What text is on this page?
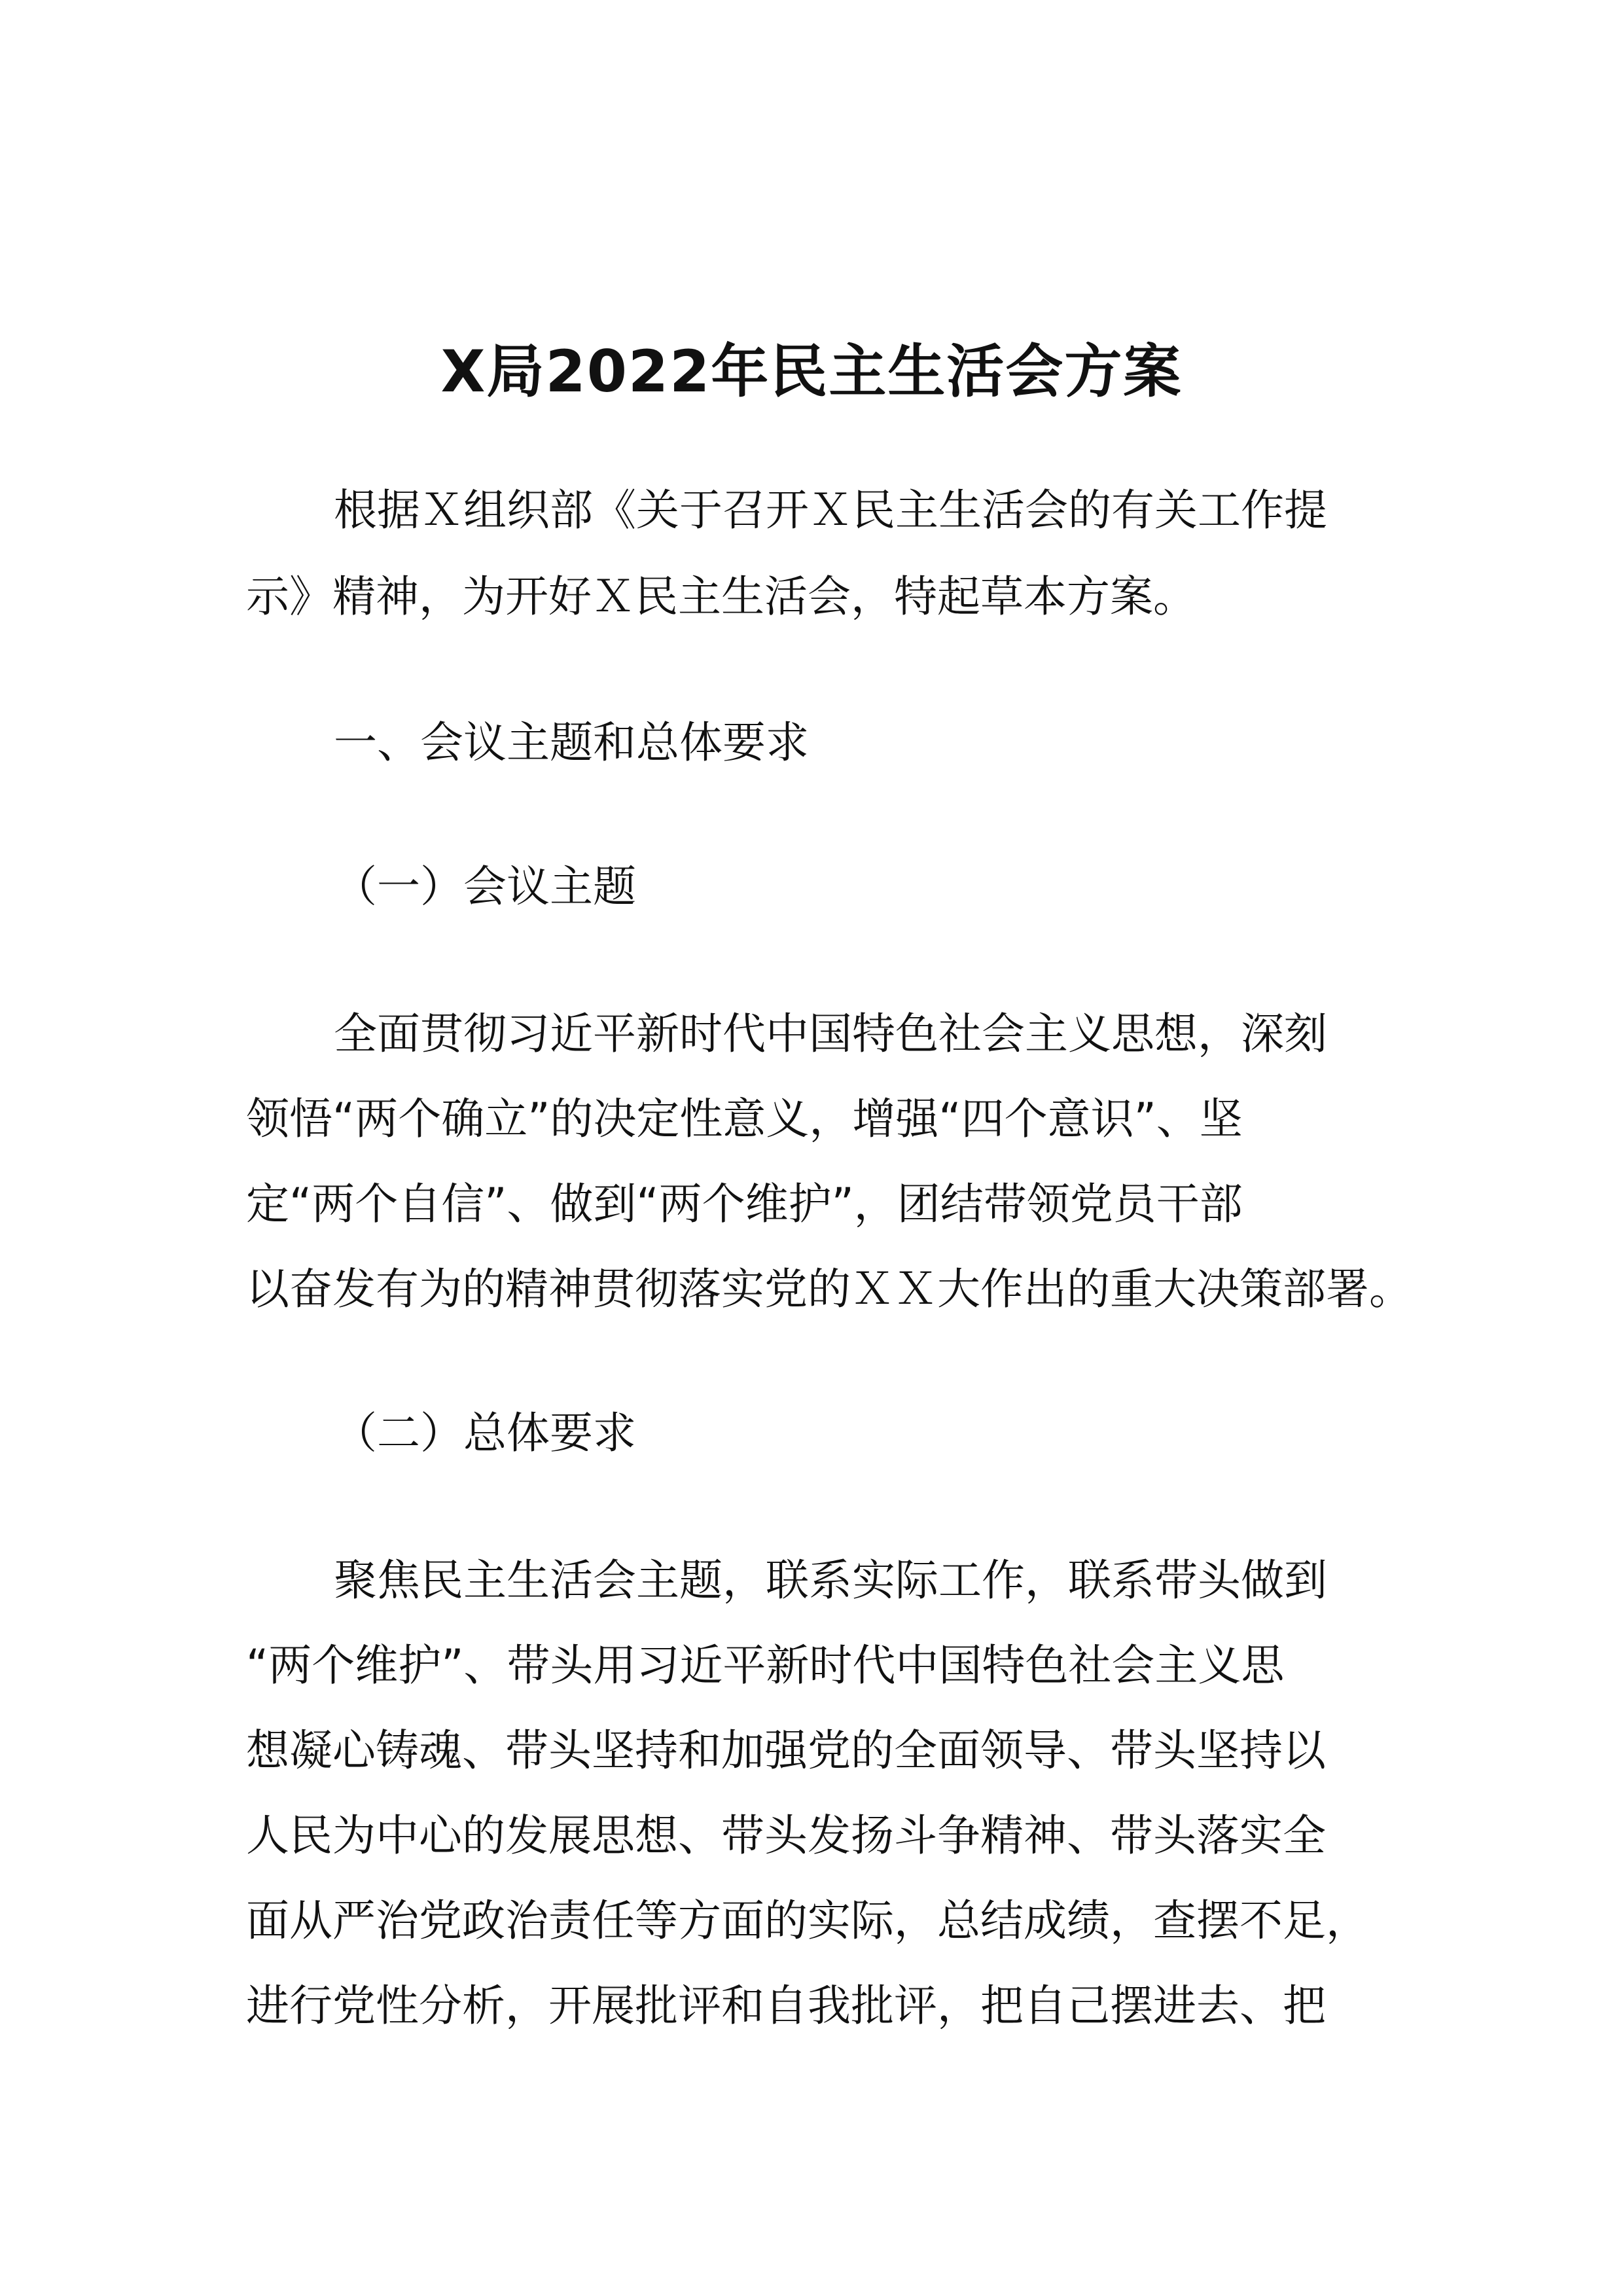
X局2022年民主生活会方案
根据Ｘ组织部《关于召开Ｘ民主生活会的有关工作提
示》精神，为开好Ｘ民主生活会，特起草本方案。
一、会议主题和总体要求
（一）会议主题
全面贯彻习近平新时代中国特色社会主义思想，深刻
领悟“两个确立”的决定性意义，增强“四个意识”、坚
定“两个自信”、做到“两个维护”，团结带领党员干部
以奋发有为的精神贯彻落实党的ＸＸ大作出的重大决策部署。
（二）总体要求
聚焦民主生活会主题，联系实际工作，联系带头做到
“两个维护”、带头用习近平新时代中国特色社会主义思
想凝心铸魂、带头坚持和加强党的全面领导、带头坚持以
人民为中心的发展思想、带头发扬斗争精神、带头落实全
面从严治党政治责任等方面的实际，总结成绩，查摆不足，
进行党性分析，开展批评和自我批评，把自己摆进去、把
